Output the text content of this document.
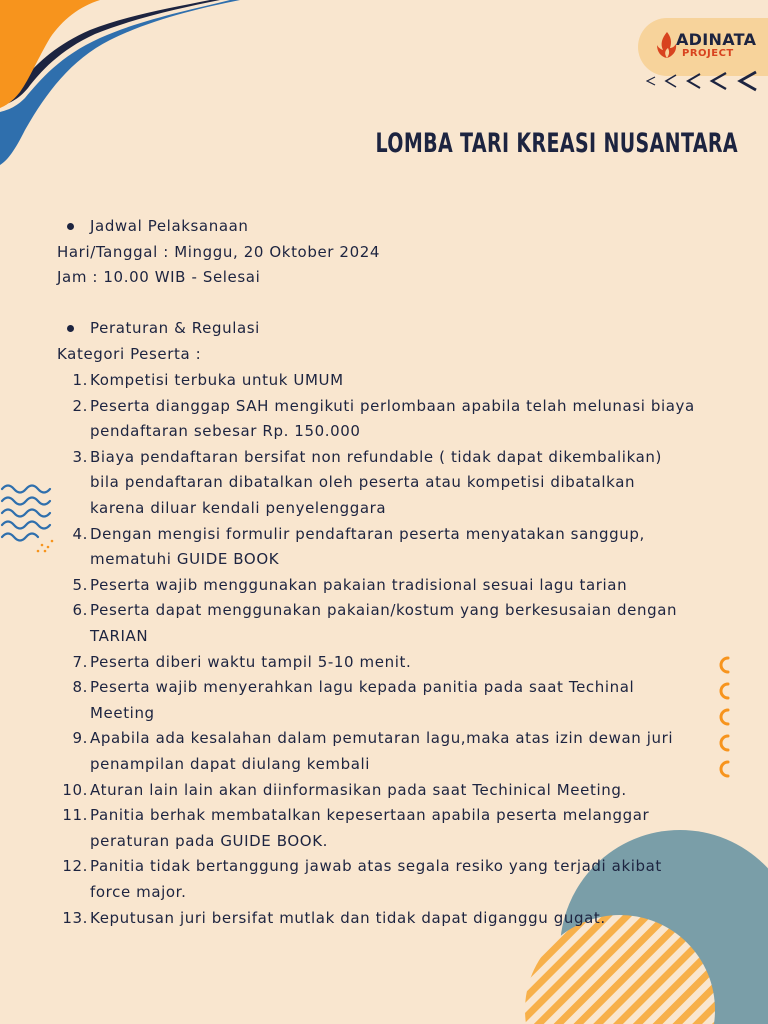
ADINATA
PROJECT
LOMBA TARI KREASI NUSANTARA
Jadwal Pelaksanaan
Hari/Tanggal : Minggu, 20 Oktober 2024
Jam : 10.00 WIB - Selesai
Peraturan & Regulasi
Kategori Peserta :
1. Kompetisi terbuka untuk UMUM
2. Peserta dianggap SAH mengikuti perlombaan apabila telah melunasi biaya
pendaftaran sebesar Rp. 150.000
3. Biaya pendaftaran bersifat non refundable ( tidak dapat dikembalikan)
bila pendaftaran dibatalkan oleh peserta atau kompetisi dibatalkan
karena diluar kendali penyelenggara
4. Dengan mengisi formulir pendaftaran peserta menyatakan sanggup,
mematuhi GUIDE BOOK
5. Peserta wajib menggunakan pakaian tradisional sesuai lagu tarian
6. Peserta dapat menggunakan pakaian/kostum yang berkesusaian dengan
TARIAN
7. Peserta diberi waktu tampil 5-10 menit.
8. Peserta wajib menyerahkan lagu kepada panitia pada saat Techinal
Meeting
9. Apabila ada kesalahan dalam pemutaran lagu,maka atas izin dewan juri
penampilan dapat diulang kembali
10. Aturan lain lain akan diinformasikan pada saat Techinical Meeting.
11. Panitia berhak membatalkan kepesertaan apabila peserta melanggar
peraturan pada GUIDE BOOK.
12. Panitia tidak bertanggung jawab atas segala resiko yang terjadi akibat
force major.
13. Keputusan juri bersifat mutlak dan tidak dapat diganggu gugat.
